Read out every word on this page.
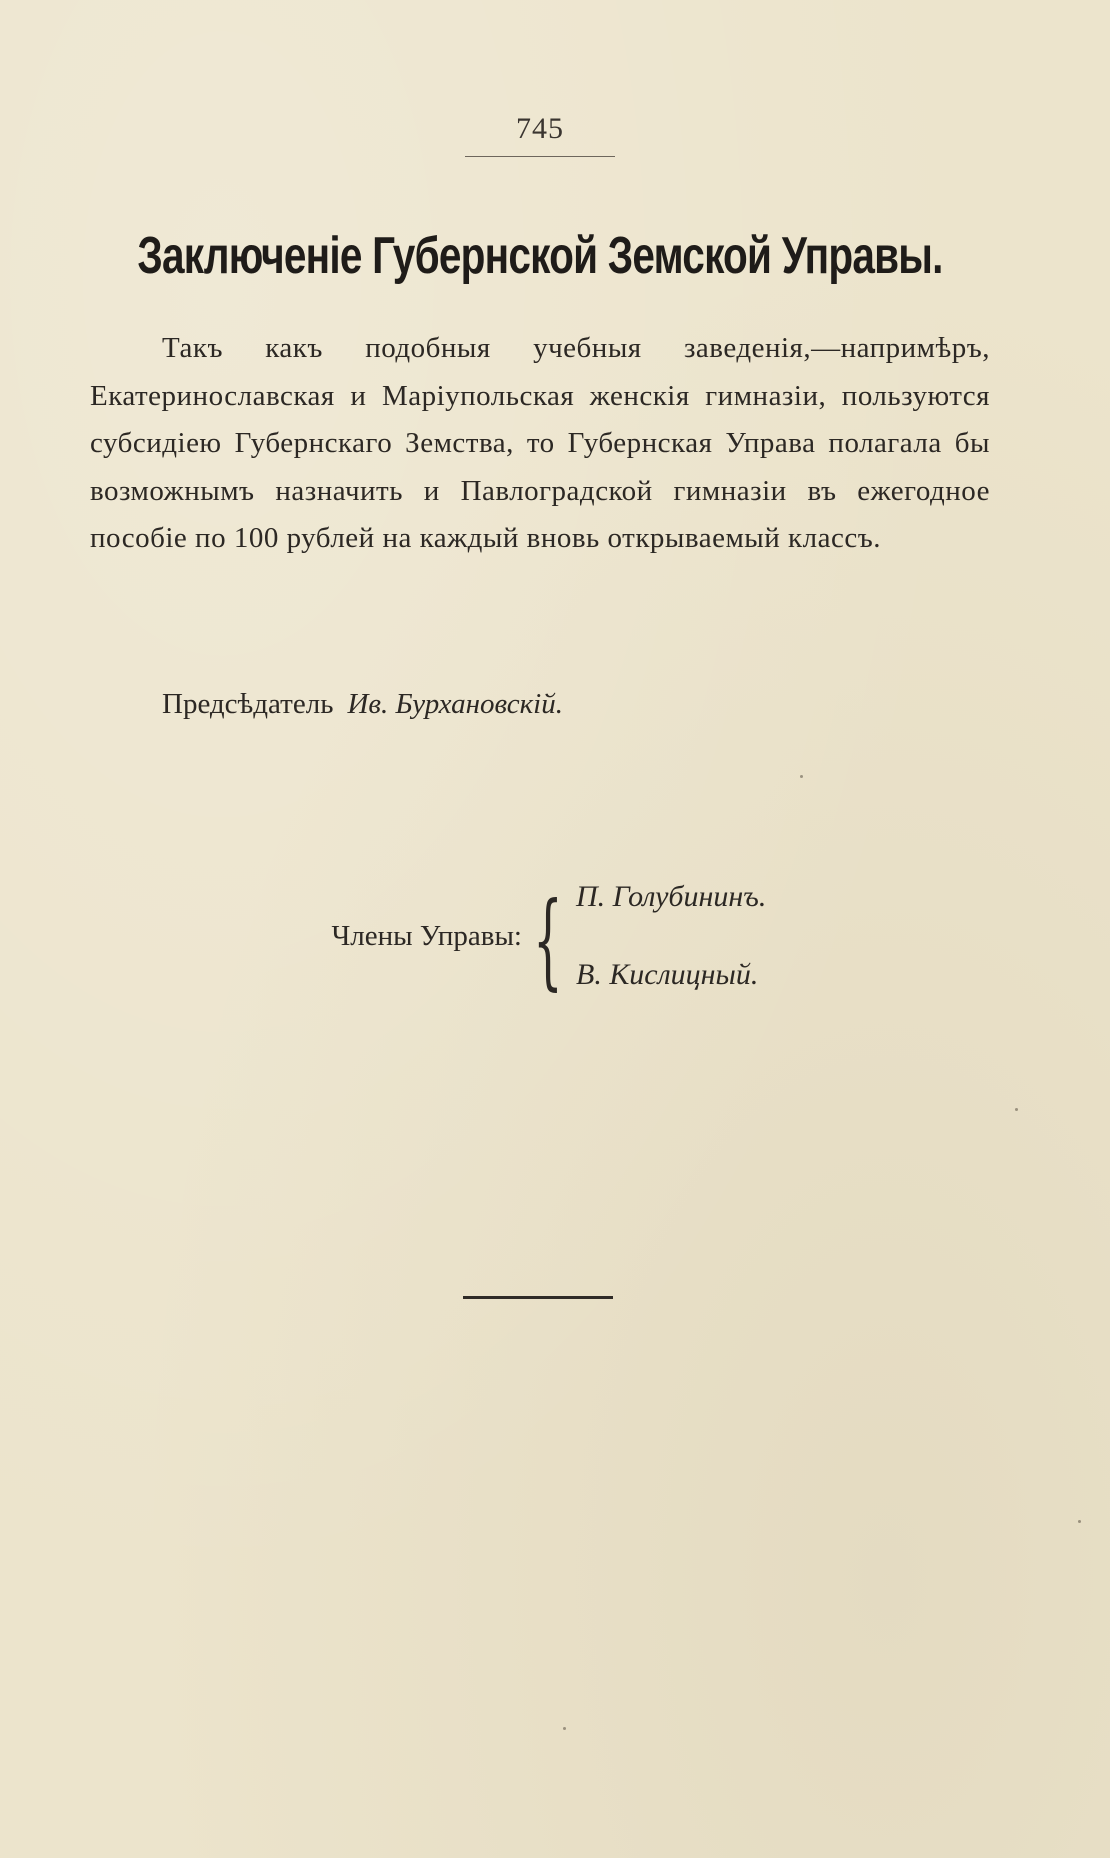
745
Заключеніе Губернской Земской Управы.

Такъ какъ подобныя учебныя заведенія,—напримѣръ, Екатеринославская и Маріупольская женскія гимназіи, пользуются субсидіею Губернскаго Земства, то Губернская Управа полагала бы возможнымъ назначить и Павлоградской гимназіи въ ежегодное пособіе по 100 рублей на каждый вновь открываемый классъ.

Предсѣдатель Ив. Бурхановскій.
Члены Управы: { П. Голубининъ.
В. Кислицный.
